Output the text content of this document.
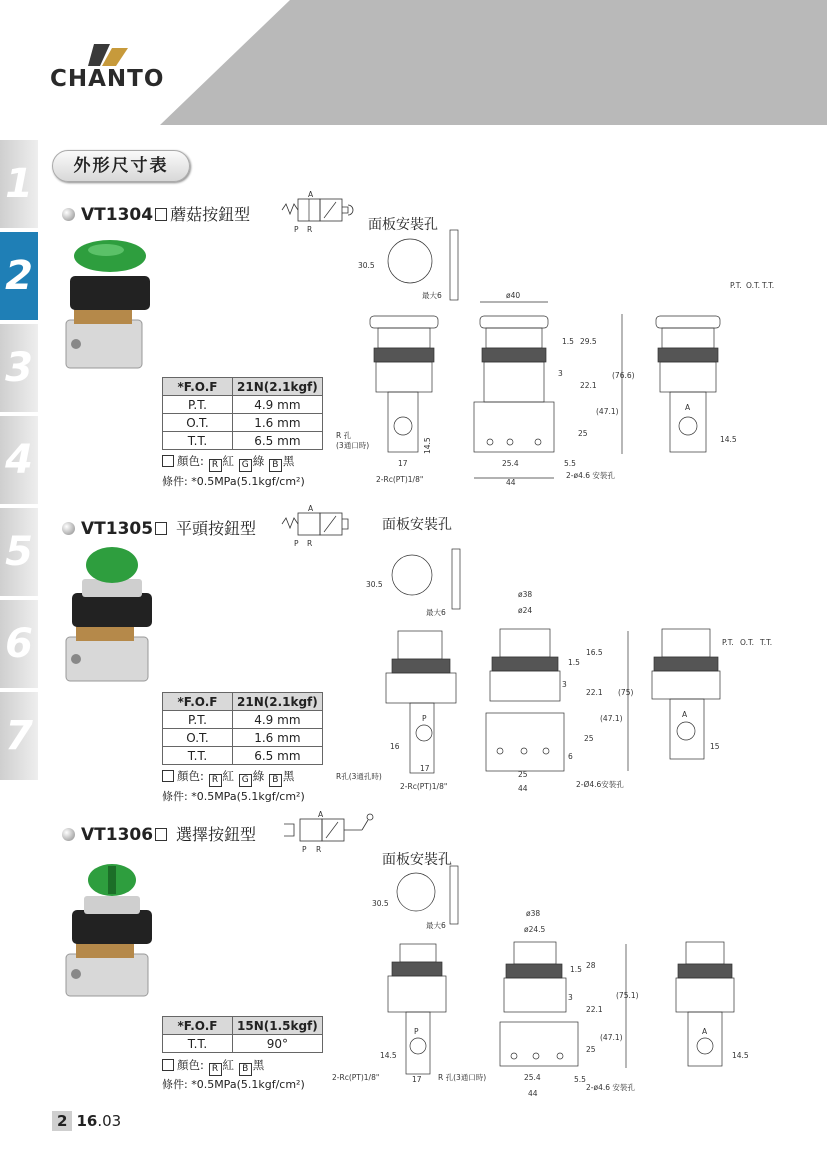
CHANTO
1
2
3
4
5
6
7
外形尺寸表
VT1304 蘑菇按鈕型
A
P R
*F.O.F	21N(2.1kgf)
P.T.	4.9 mm
O.T.	1.6 mm
T.T.	6.5 mm
顏色: R 紅 G 綠 B 黑
條件: *0.5MPa(5.1kgf/cm²)
面板安裝孔
30.5
最大6
R 孔
(3通口時)
17
14.5
2-Rc(PT)1/8"
ø40
25.4
44
2-ø4.6 安裝孔
1.5 29.5
3
22.1
(47.1)
(76.6)
25
5.5
A
P.T. O.T. T.T.
14.5
VT1305 平頭按鈕型
A
P R
*F.O.F	21N(2.1kgf)
P.T.	4.9 mm
O.T.	1.6 mm
T.T.	6.5 mm
顏色: R 紅 G 綠 B 黑
條件: *0.5MPa(5.1kgf/cm²)
面板安裝孔
30.5
最大6
P
R孔(3通孔時)
17
16
2-Rc(PT)1/8"
ø38
ø24
25
44	2-Ø4.6安裝孔
1.5
16.5
3
22.1
(47.1)
(75)
25
6
A
P.T. O.T. T.T.
15
VT1306 選擇按鈕型
A
P R
*F.O.F	15N(1.5kgf)
T.T.	90°
顏色: R 紅 B 黑
條件: *0.5MPa(5.1kgf/cm²)
面板安裝孔
30.5
最大6
P
2-Rc(PT)1/8"	17 R 孔(3通口時)
14.5
ø38
ø24.5
25.4
44
2-ø4.6 安裝孔
1.5 28
3
22.1
(47.1)
(75.1)
25
5.5
A
14.5
2 16.03
